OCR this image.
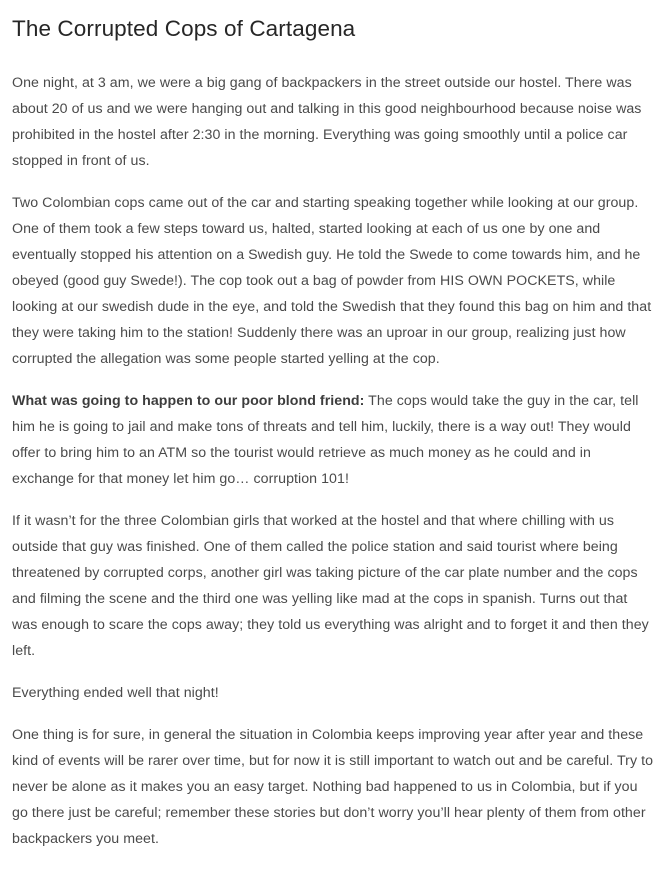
The Corrupted Cops of Cartagena

One night, at 3 am, we were a big gang of backpackers in the street outside our hostel. There was about 20 of us and we were hanging out and talking in this good neighbourhood because noise was prohibited in the hostel after 2:30 in the morning. Everything was going smoothly until a police car stopped in front of us.

Two Colombian cops came out of the car and starting speaking together while looking at our group. One of them took a few steps toward us, halted, started looking at each of us one by one and eventually stopped his attention on a Swedish guy. He told the Swede to come towards him, and he obeyed (good guy Swede!). The cop took out a bag of powder from HIS OWN POCKETS, while looking at our swedish dude in the eye, and told the Swedish that they found this bag on him and that they were taking him to the station! Suddenly there was an uproar in our group, realizing just how corrupted the allegation was some people started yelling at the cop.

What was going to happen to our poor blond friend: The cops would take the guy in the car, tell him he is going to jail and make tons of threats and tell him, luckily, there is a way out! They would offer to bring him to an ATM so the tourist would retrieve as much money as he could and in exchange for that money let him go… corruption 101!

If it wasn’t for the three Colombian girls that worked at the hostel and that where chilling with us outside that guy was finished. One of them called the police station and said tourist where being threatened by corrupted corps, another girl was taking picture of the car plate number and the cops and filming the scene and the third one was yelling like mad at the cops in spanish. Turns out that was enough to scare the cops away; they told us everything was alright and to forget it and then they left.

Everything ended well that night!

One thing is for sure, in general the situation in Colombia keeps improving year after year and these kind of events will be rarer over time, but for now it is still important to watch out and be careful. Try to never be alone as it makes you an easy target. Nothing bad happened to us in Colombia, but if you go there just be careful; remember these stories but don’t worry you’ll hear plenty of them from other backpackers you meet.
